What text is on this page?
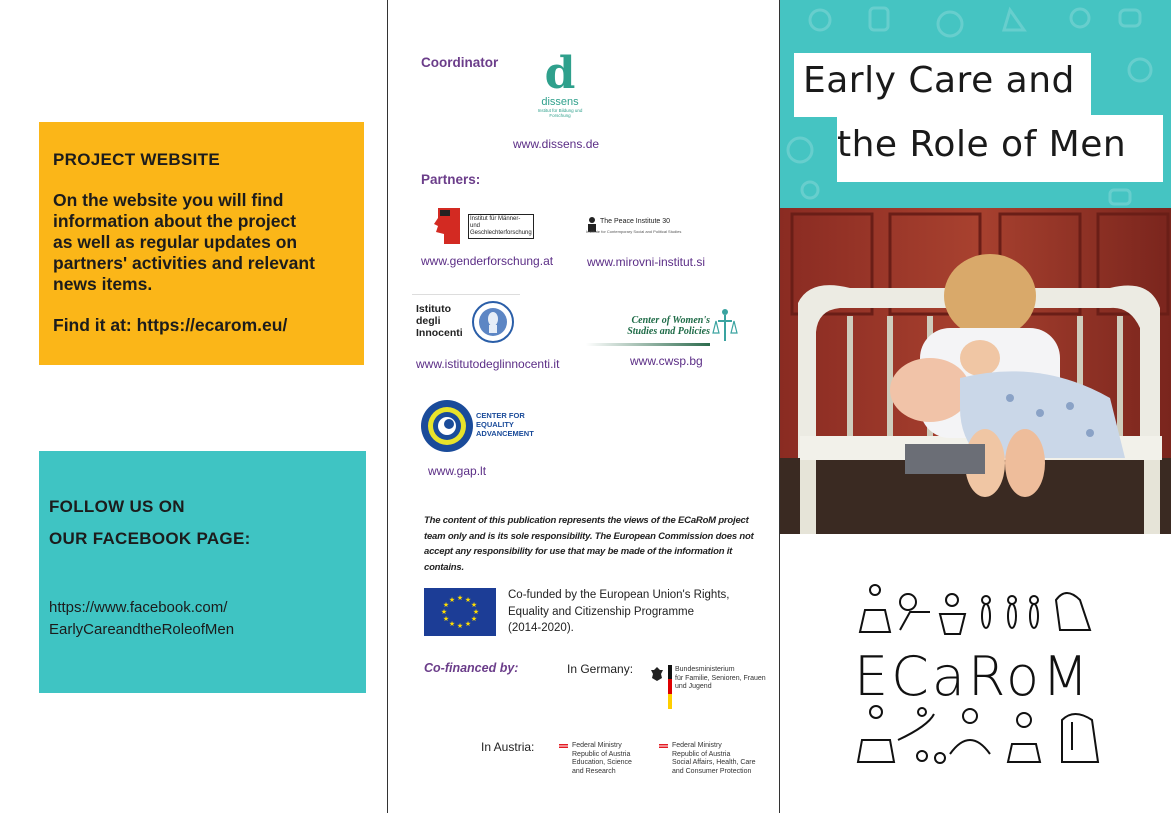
PROJECT WEBSITE
On the website you will find
information about the project
as well as regular updates on
partners' activities and relevant
news items.
Find it at: https://ecarom.eu/
FOLLOW US ON
OUR FACEBOOK PAGE:
https://www.facebook.com/
EarlyCareandtheRoleofMen
Coordinator d
dissens
Institut für Bildung und Forschung
www.dissens.de
Partners:
Institut für Männer- und Geschlechterforschung
www.genderforschung.at
The Peace Institute 30
Institute for Contemporary Social and Political Studies
www.mirovni-institut.si
Istituto degli Innocenti
www.istitutodeglinnocenti.it
Center of Women's Studies and Policies
www.cwsp.bg
CENTER FOR EQUALITY ADVANCEMENT
www.gap.lt
The content of this publication represents the views of the ECaRoM project team only and is its sole responsibility. The European Commission does not accept any responsibility for use that may be made of the information it contains.
★ ★
★
★
★
★
★
★
★
★
★
★	Co-funded by the European Union's Rights,
Equality and Citizenship Programme
(2014-2020).
Co-financed by:	In Germany:	Bundesministerium
für Familie, Senioren, Frauen
und Jugend
In Austria:	Federal Ministry
Republic of Austria
Education, Science
and Research
Federal Ministry
Republic of Austria
Social Affairs, Health, Care
and Consumer Protection
Early Care and
the Role of Men
ECaRoM
